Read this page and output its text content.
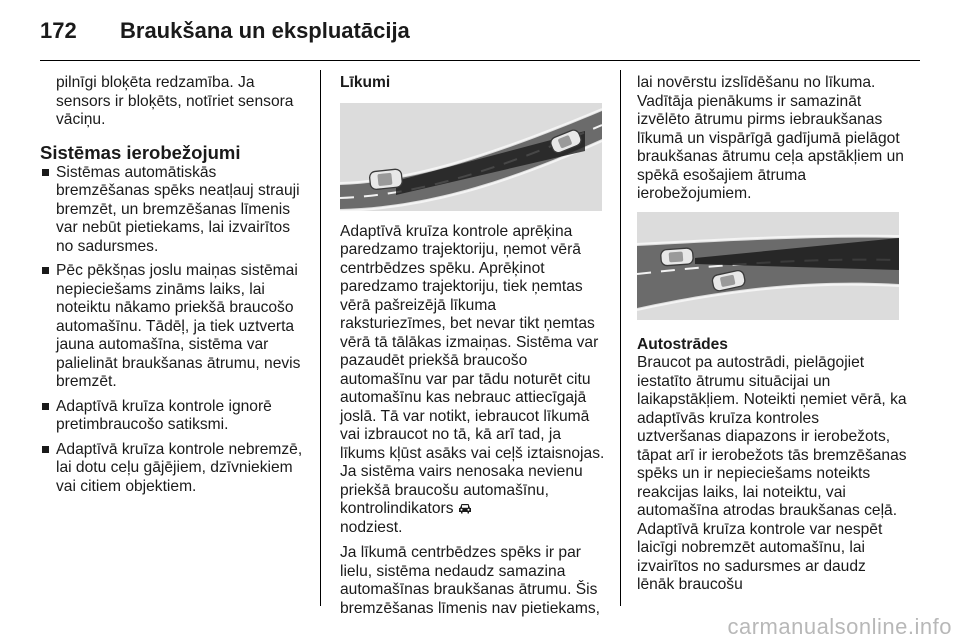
172 Braukšana un ekspluatācija

pilnīgi bloķēta redzamība. Ja sensors ir bloķēts, notīriet sensora vāciņu.

Sistēmas ierobežojumi

Sistēmas automātiskās bremzēšanas spēks neatļauj strauji bremzēt, un bremzēšanas līmenis var nebūt pietiekams, lai izvairītos no sadursmes.
Pēc pēkšņas joslu maiņas sistēmai nepieciešams zināms laiks, lai noteiktu nākamo priekšā braucošo automašīnu. Tādēļ, ja tiek uztverta jauna automašīna, sistēma var palielināt braukšanas ātrumu, nevis bremzēt.
Adaptīvā kruīza kontrole ignorē pretimbraucošo satiksmi.
Adaptīvā kruīza kontrole nebremzē, lai dotu ceļu gājējiem, dzīvniekiem vai citiem objektiem.

Līkumi

Adaptīvā kruīza kontrole aprēķina paredzamo trajektoriju, ņemot vērā centrbēdzes spēku. Aprēķinot paredzamo trajektoriju, tiek ņemtas vērā pašreizējā līkuma raksturiezīmes, bet nevar tikt ņemtas vērā tā tālākas izmaiņas. Sistēma var pazaudēt priekšā braucošo automašīnu var par tādu noturēt citu automašīnu kas nebrauc attiecīgajā joslā. Tā var notikt, iebraucot līkumā vai izbraucot no tā, kā arī tad, ja līkums kļūst asāks vai ceļš iztaisnojas. Ja sistēma vairs nenosaka nevienu priekšā braucošu automašīnu, kontrolindikators
nodziest.

Ja līkumā centrbēdzes spēks ir par lielu, sistēma nedaudz samazina automašīnas braukšanas ātrumu. Šis bremzēšanas līmenis nav pietiekams,

lai novērstu izslīdēšanu no līkuma. Vadītāja pienākums ir samazināt izvēlēto ātrumu pirms iebraukšanas līkumā un vispārīgā gadījumā pielāgot braukšanas ātrumu ceļa apstākļiem un spēkā esošajiem ātruma ierobežojumiem.

Autostrādes

Braucot pa autostrādi, pielāgojiet iestatīto ātrumu situācijai un laikapstākļiem. Noteikti ņemiet vērā, ka adaptīvās kruīza kontroles uztveršanas diapazons ir ierobežots, tāpat arī ir ierobežots tās bremzēšanas spēks un ir nepieciešams noteikts reakcijas laiks, lai noteiktu, vai automašīna atrodas braukšanas ceļā. Adaptīvā kruīza kontrole var nespēt laicīgi nobremzēt automašīnu, lai izvairītos no sadursmes ar daudz lēnāk braucošu

carmanualsonline.info
